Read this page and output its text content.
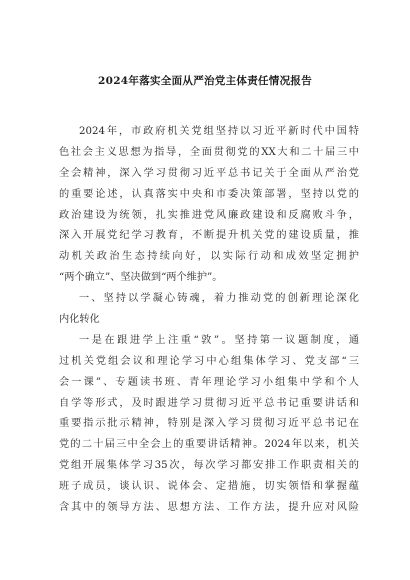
2024年落实全面从严治党主体责任情况报告
2024年，市政府机关党组坚持以习近平新时代中国特
色社会主义思想为指导，全面贯彻党的XX大和二十届三中
全会精神，深入学习贯彻习近平总书记关于全面从严治党
的重要论述，认真落实中央和市委决策部署，坚持以党的
政治建设为统领，扎实推进党风廉政建设和反腐败斗争，
深入开展党纪学习教育，不断提升机关党的建设质量，推
动机关政治生态持续向好，以实际行动和成效坚定拥护
“两个确立”、坚决做到“两个维护”。
一、坚持以学凝心铸魂，着力推动党的创新理论深化
内化转化
一是在跟进学上注重“敦”。坚持第一议题制度，通
过机关党组会议和理论学习中心组集体学习、党支部“三
会一课”、专题读书班、青年理论学习小组集中学和个人
自学等形式，及时跟进学习贯彻习近平总书记重要讲话和
重要指示批示精神，特别是深入学习贯彻习近平总书记在
党的二十届三中全会上的重要讲话精神。2024年以来，机关
党组开展集体学习35次，每次学习都安排工作职责相关的
班子成员，谈认识、说体会、定措施，切实领悟和掌握蕴
含其中的领导方法、思想方法、工作方法，提升应对风险
